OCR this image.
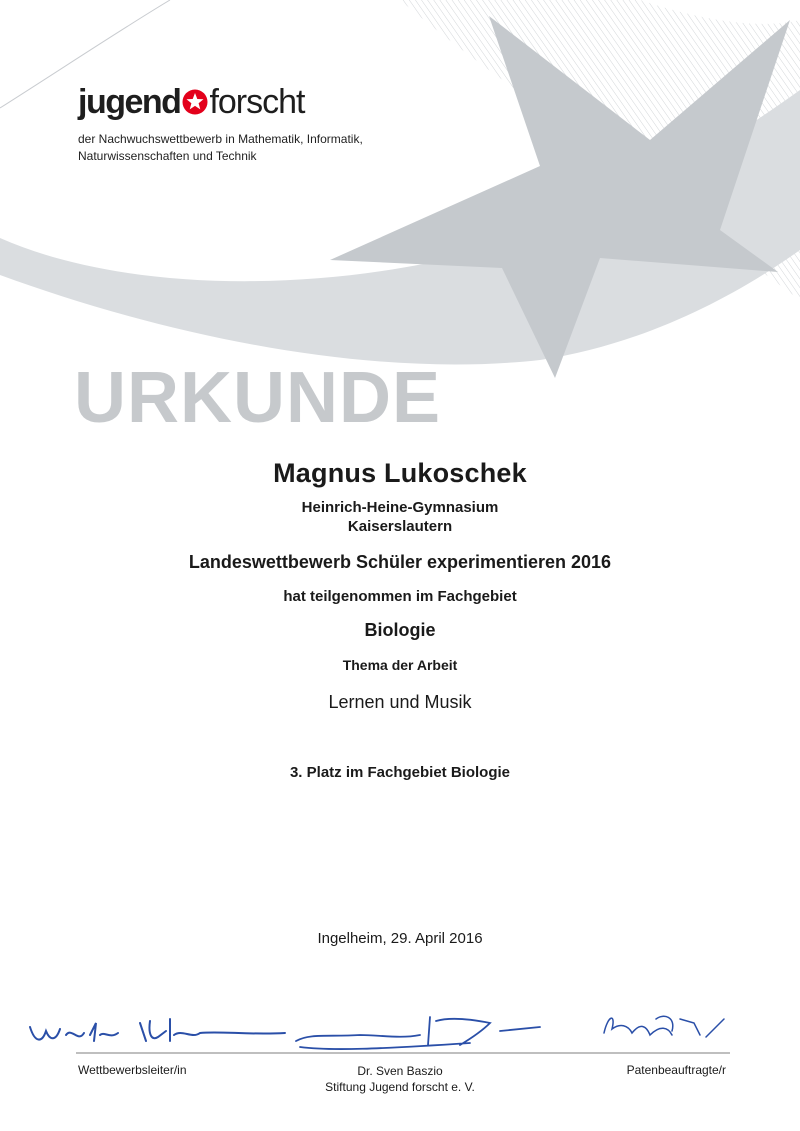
jugend forscht
der Nachwuchswettbewerb in Mathematik, Informatik,
Naturwissenschaften und Technik
URKUNDE
Magnus Lukoschek
Heinrich-Heine-Gymnasium
Kaiserslautern
Landeswettbewerb Schüler experimentieren 2016
hat teilgenommen im Fachgebiet
Biologie
Thema der Arbeit
Lernen und Musik
3. Platz im Fachgebiet Biologie
Ingelheim, 29. April 2016
Wettbewerbsleiter/in	Dr. Sven Baszio
Stiftung Jugend forscht e. V.
Patenbeauftragte/r
